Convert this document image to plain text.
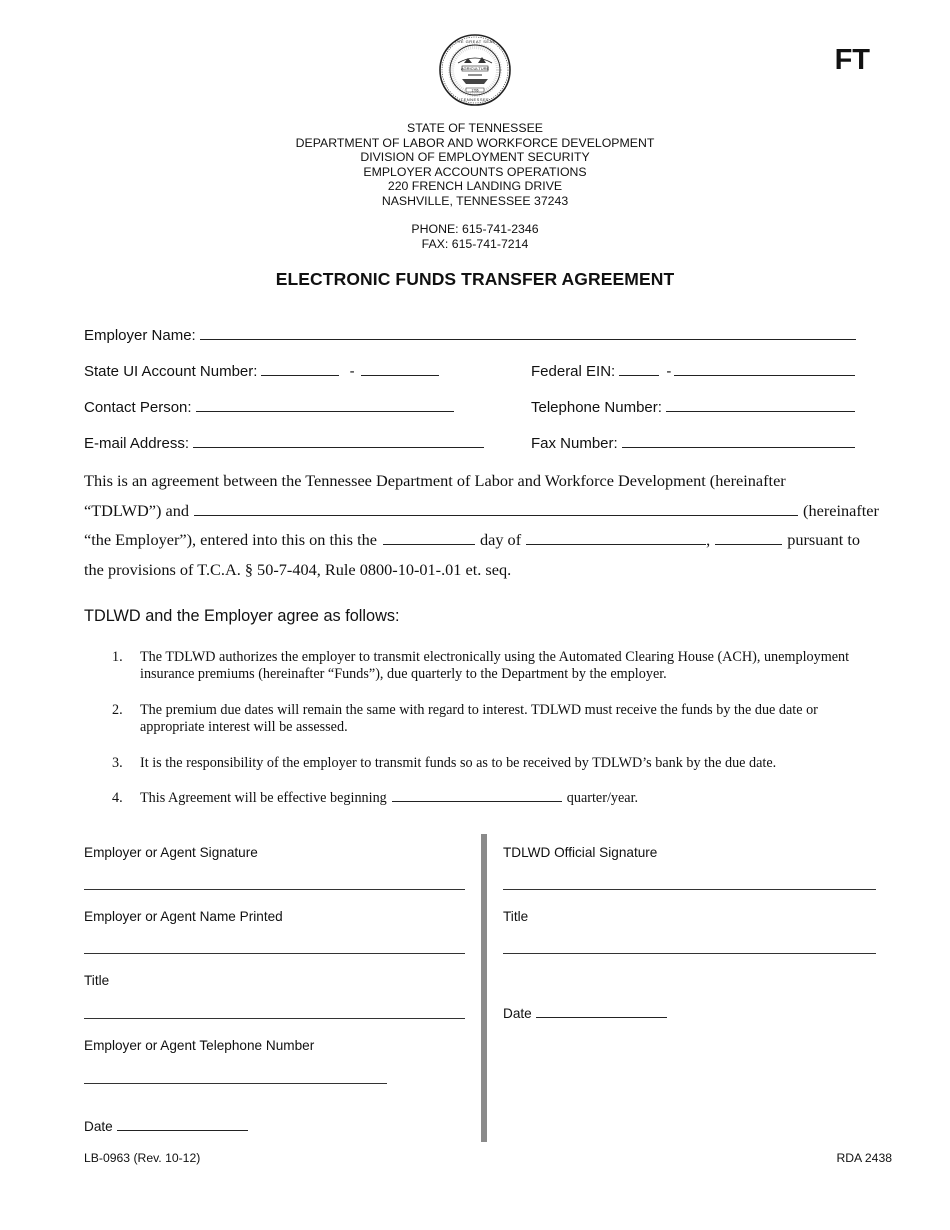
AGRICULTURE
1796
THE GREAT SEAL
TENNESSEE
FT
STATE OF TENNESSEE
DEPARTMENT OF LABOR AND WORKFORCE DEVELOPMENT
DIVISION OF EMPLOYMENT SECURITY
EMPLOYER ACCOUNTS OPERATIONS
220 FRENCH LANDING DRIVE
NASHVILLE, TENNESSEE 37243
PHONE: 615-741-2346
FAX: 615-741-7214
ELECTRONIC FUNDS TRANSFER AGREEMENT
Employer Name:
State UI Account Number:	-	Federal EIN:	-
Contact Person:	Telephone Number:
E-mail Address:	Fax Number:
This is an agreement between the Tennessee Department of Labor and Workforce Development (hereinafter
“TDLWD”) and	(hereinafter
“the Employer”), entered into this on this the	day of	,	pursuant to
the provisions of T.C.A. § 50-7-404, Rule 0800-10-01-.01 et. seq.
TDLWD and the Employer agree as follows:
1.	The TDLWD authorizes the employer to transmit electronically using the Automated Clearing House (ACH), unemployment insurance premiums (hereinafter “Funds”), due quarterly to the Department by the employer.
2.	The premium due dates will remain the same with regard to interest. TDLWD must receive the funds by the due date or appropriate interest will be assessed.
3.	It is the responsibility of the employer to transmit funds so as to be received by TDLWD’s bank by the due date.
4.	This Agreement will be effective beginning	quarter/year.
Employer or Agent Signature
Employer or Agent Name Printed
Title
Employer or Agent Telephone Number
Date
TDLWD Official Signature
Title
Date
LB-0963 (Rev. 10-12)	RDA 2438
